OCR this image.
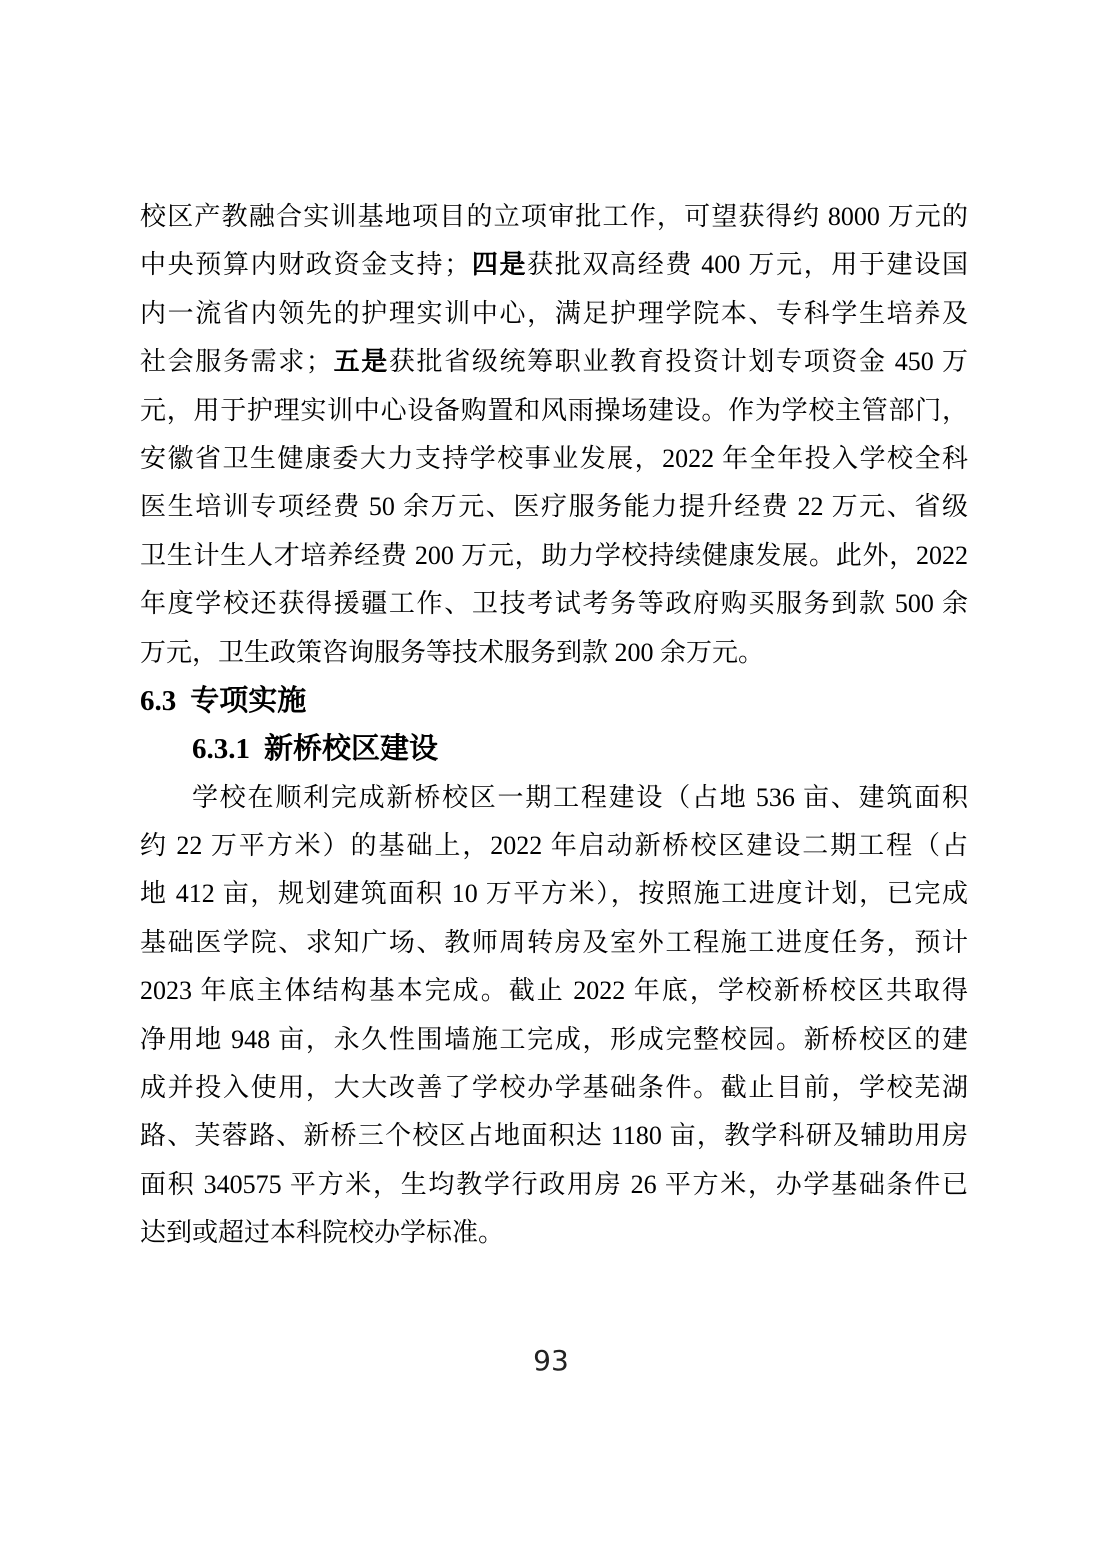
校区产教融合实训基地项目的立项审批工作，可望获得约 8000 万元的
中央预算内财政资金支持；四是获批双高经费 400 万元，用于建设国
内一流省内领先的护理实训中心，满足护理学院本、专科学生培养及
社会服务需求；五是获批省级统筹职业教育投资计划专项资金 450 万
元，用于护理实训中心设备购置和风雨操场建设。作为学校主管部门，
安徽省卫生健康委大力支持学校事业发展，2022 年全年投入学校全科
医生培训专项经费 50 余万元、医疗服务能力提升经费 22 万元、省级
卫生计生人才培养经费 200 万元，助力学校持续健康发展。此外，2022
年度学校还获得援疆工作、卫技考试考务等政府购买服务到款 500 余
万元，卫生政策咨询服务等技术服务到款 200 余万元。
6.3 专项实施
6.3.1 新桥校区建设
学校在顺利完成新桥校区一期工程建设（占地 536 亩、建筑面积
约 22 万平方米）的基础上，2022 年启动新桥校区建设二期工程（占
地 412 亩，规划建筑面积 10 万平方米），按照施工进度计划，已完成
基础医学院、求知广场、教师周转房及室外工程施工进度任务，预计
2023 年底主体结构基本完成。截止 2022 年底，学校新桥校区共取得
净用地 948 亩，永久性围墙施工完成，形成完整校园。新桥校区的建
成并投入使用，大大改善了学校办学基础条件。截止目前，学校芜湖
路、芙蓉路、新桥三个校区占地面积达 1180 亩，教学科研及辅助用房
面积 340575 平方米，生均教学行政用房 26 平方米，办学基础条件已
达到或超过本科院校办学标准。
93
